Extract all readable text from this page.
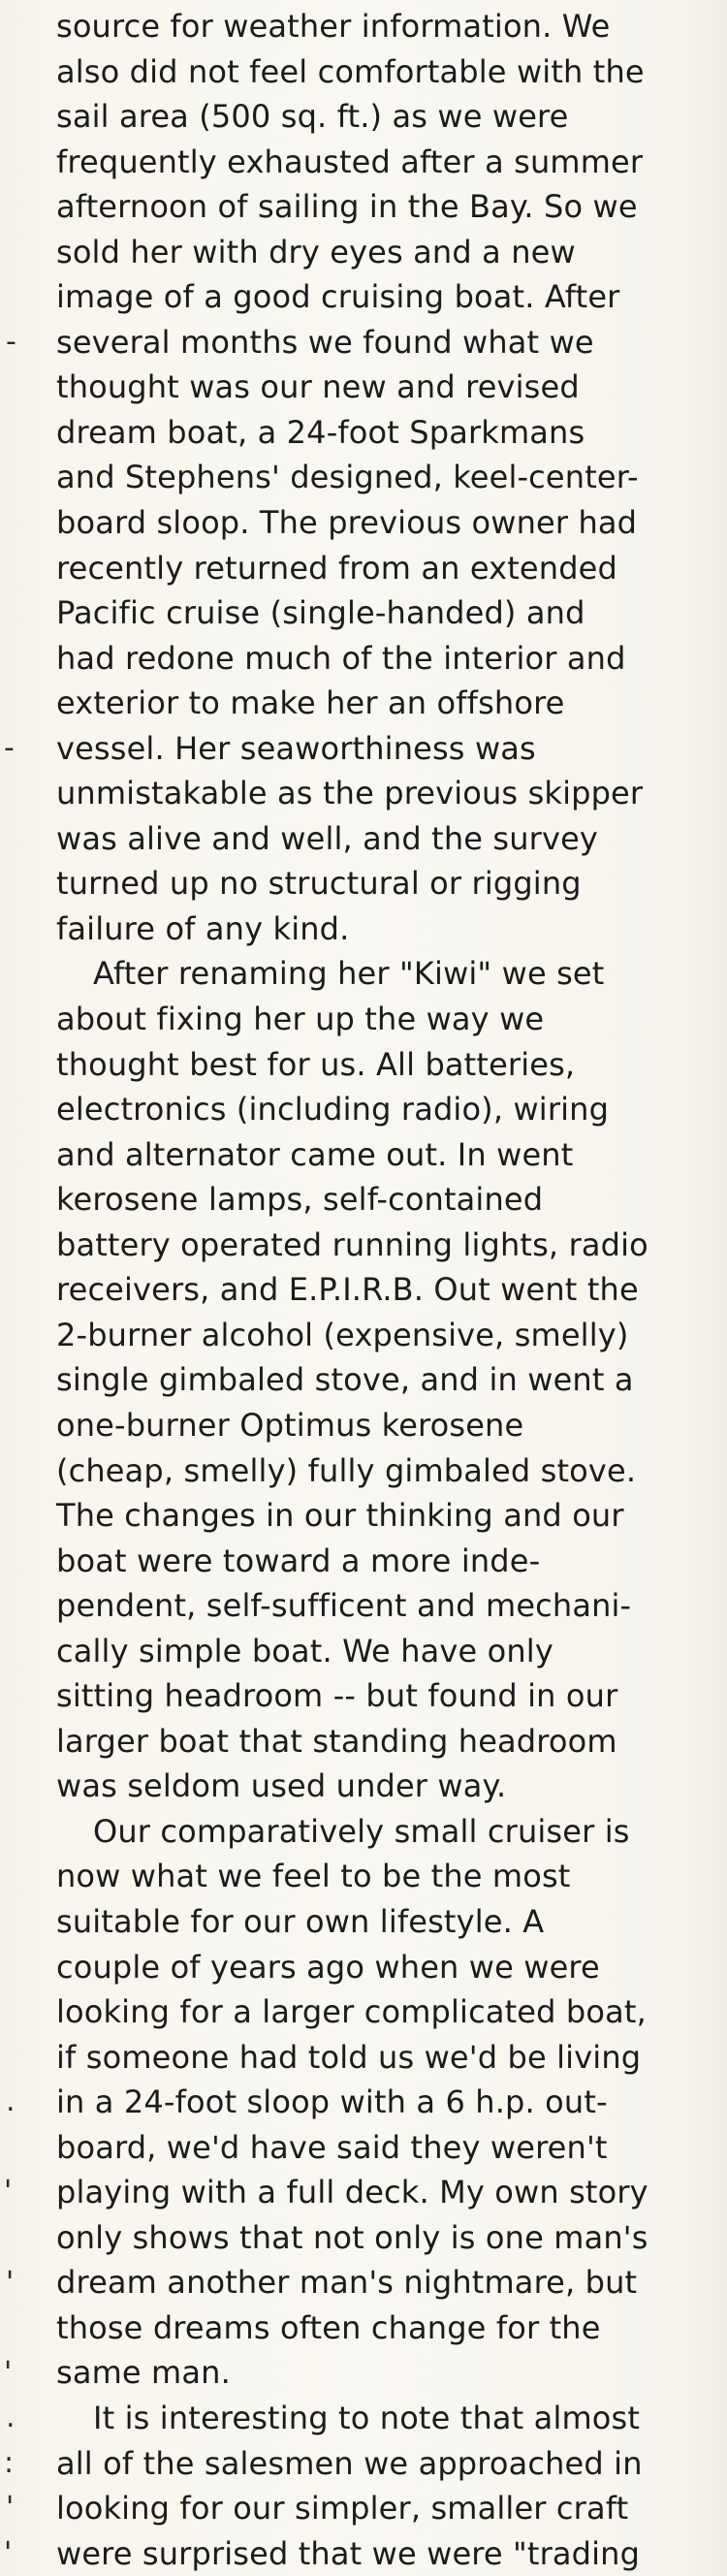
-
-
.
'
'
'
.
:
'
'
source for weather information. We
also did not feel comfortable with the
sail area (500 sq. ft.) as we were
frequently exhausted after a summer
afternoon of sailing in the Bay. So we
sold her with dry eyes and a new
image of a good cruising boat. After
several months we found what we
thought was our new and revised
dream boat, a 24-foot Sparkmans
and Stephens' designed, keel-center-
board sloop. The previous owner had
recently returned from an extended
Pacific cruise (single-handed) and
had redone much of the interior and
exterior to make her an offshore
vessel. Her seaworthiness was
unmistakable as the previous skipper
was alive and well, and the survey
turned up no structural or rigging
failure of any kind.
After renaming her "Kiwi" we set
about fixing her up the way we
thought best for us. All batteries,
electronics (including radio), wiring
and alternator came out. In went
kerosene lamps, self-contained
battery operated running lights, radio
receivers, and E.P.I.R.B. Out went the
2-burner alcohol (expensive, smelly)
single gimbaled stove, and in went a
one-burner Optimus kerosene
(cheap, smelly) fully gimbaled stove.
The changes in our thinking and our
boat were toward a more inde-
pendent, self-sufficent and mechani-
cally simple boat. We have only
sitting headroom -- but found in our
larger boat that standing headroom
was seldom used under way.
Our comparatively small cruiser is
now what we feel to be the most
suitable for our own lifestyle. A
couple of years ago when we were
looking for a larger complicated boat,
if someone had told us we'd be living
in a 24-foot sloop with a 6 h.p. out-
board, we'd have said they weren't
playing with a full deck. My own story
only shows that not only is one man's
dream another man's nightmare, but
those dreams often change for the
same man.
It is interesting to note that almost
all of the salesmen we approached in
looking for our simpler, smaller craft
were surprised that we were "trading
